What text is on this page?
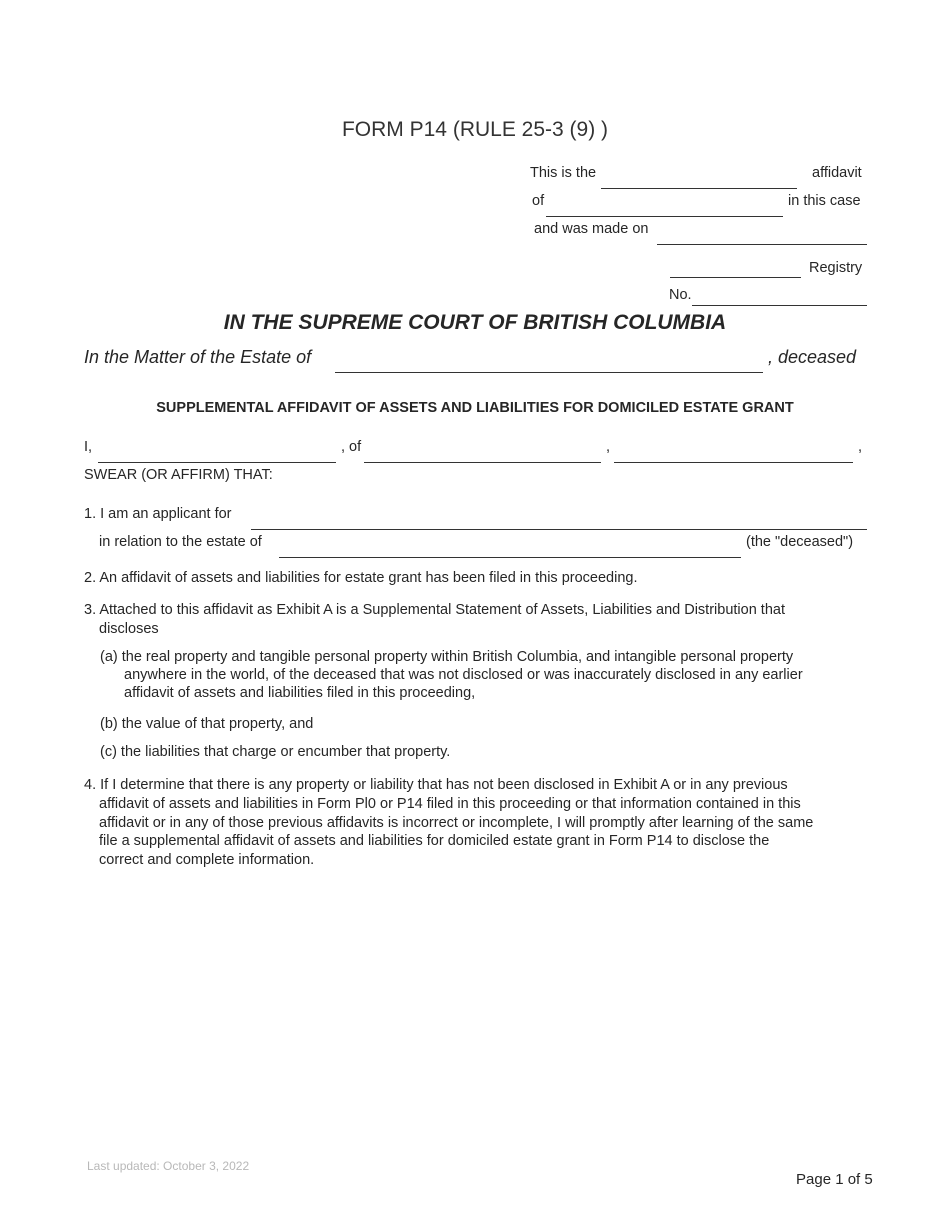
FORM P14 (RULE 25-3 (9) )
This is the	affidavit
of	in this case
and was made on
Registry
No.
IN THE SUPREME COURT OF BRITISH COLUMBIA
In the Matter of the Estate of	, deceased
SUPPLEMENTAL AFFIDAVIT OF ASSETS AND LIABILITIES FOR DOMICILED ESTATE GRANT
I,	, of	,	,
SWEAR (OR AFFIRM) THAT:
1. I am an applicant for
in relation to the estate of	(the "deceased")
2. An affidavit of assets and liabilities for estate grant has been filed in this proceeding.
3. Attached to this affidavit as Exhibit A is a Supplemental Statement of Assets, Liabilities and Distribution that
discloses
(a) the real property and tangible personal property within British Columbia, and intangible personal property
anywhere in the world, of the deceased that was not disclosed or was inaccurately disclosed in any earlier
affidavit of assets and liabilities filed in this proceeding,
(b) the value of that property, and
(c) the liabilities that charge or encumber that property.
4. If I determine that there is any property or liability that has not been disclosed in Exhibit A or in any previous
affidavit of assets and liabilities in Form Pl0 or P14 filed in this proceeding or that information contained in this
affidavit or in any of those previous affidavits is incorrect or incomplete, I will promptly after learning of the same
file a supplemental affidavit of assets and liabilities for domiciled estate grant in Form P14 to disclose the
correct and complete information.
Last updated: October 3, 2022
Page 1 of 5
